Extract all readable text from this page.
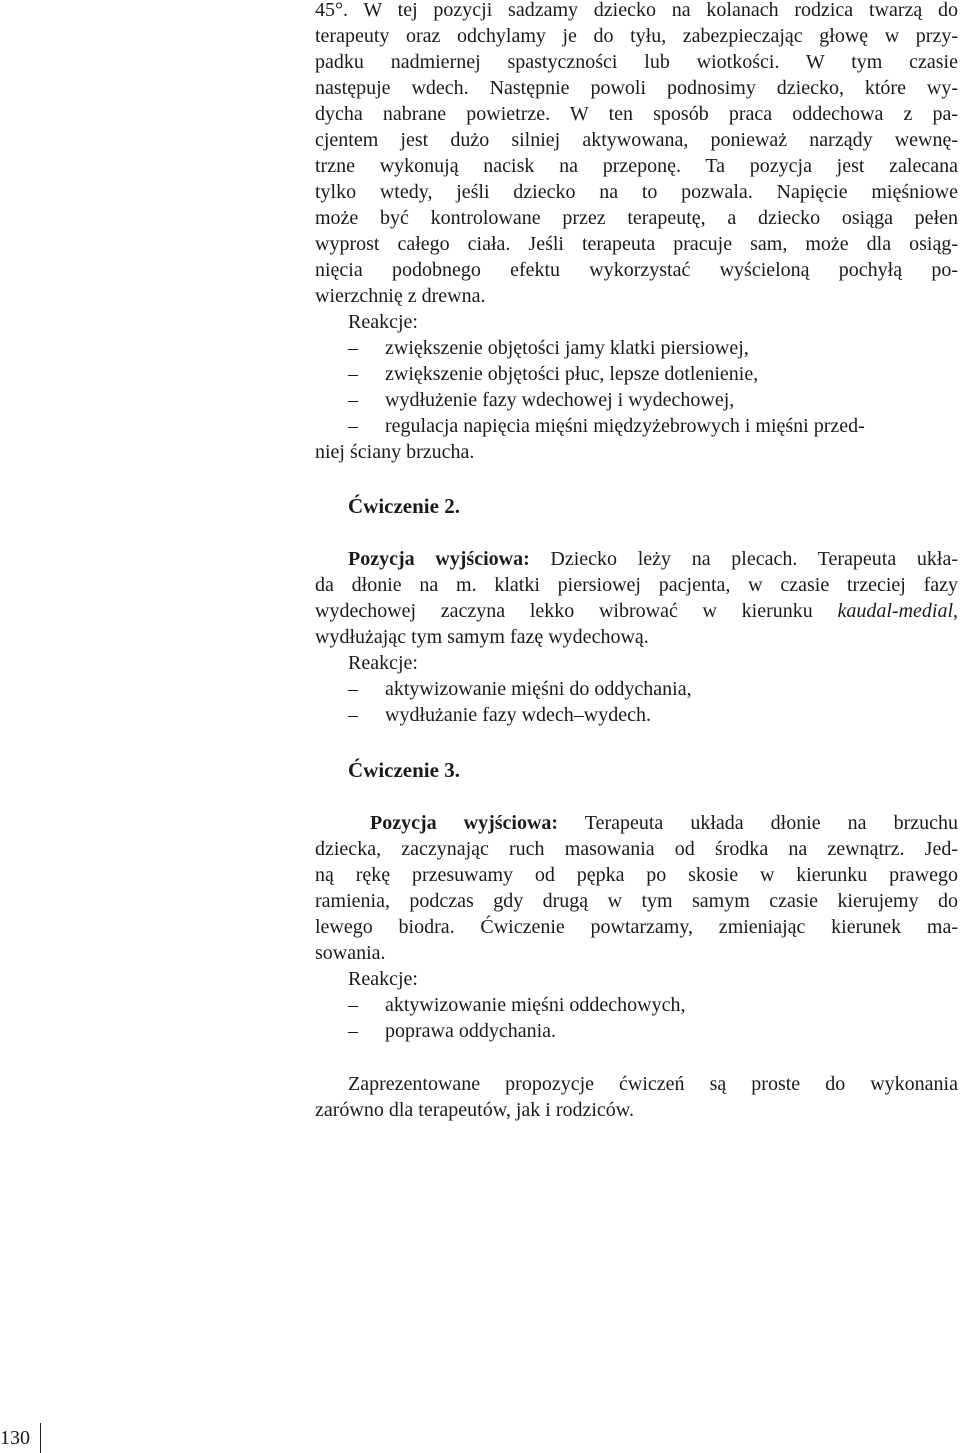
45°. W tej pozycji sadzamy dziecko na kolanach rodzica twarzą do
terapeuty oraz odchylamy je do tyłu, zabezpieczając głowę w przy-
padku nadmiernej spastyczności lub wiotkości. W tym czasie
następuje wdech. Następnie powoli podnosimy dziecko, które wy-
dycha nabrane powietrze. W ten sposób praca oddechowa z pa-
cjentem jest dużo silniej aktywowana, ponieważ narządy wewnę-
trzne wykonują nacisk na przeponę. Ta pozycja jest zalecana
tylko wtedy, jeśli dziecko na to pozwala. Napięcie mięśniowe
może być kontrolowane przez terapeutę, a dziecko osiąga pełen
wyprost całego ciała. Jeśli terapeuta pracuje sam, może dla osiąg-
nięcia podobnego efektu wykorzystać wyścieloną pochyłą po-
wierzchnię z drewna.
Reakcje:
–	zwiększenie objętości jamy klatki piersiowej,
–	zwiększenie objętości płuc, lepsze dotlenienie,
–	wydłużenie fazy wdechowej i wydechowej,
–	regulacja napięcia mięśni międzyżebrowych i mięśni przed-
niej ściany brzucha.
Ćwiczenie 2.
Pozycja wyjściowa: Dziecko leży na plecach. Terapeuta ukła-
da dłonie na m. klatki piersiowej pacjenta, w czasie trzeciej fazy
wydechowej zaczyna lekko wibrować w kierunku kaudal-medial,
wydłużając tym samym fazę wydechową.
Reakcje:
–	aktywizowanie mięśni do oddychania,
–	wydłużanie fazy wdech–wydech.
Ćwiczenie 3.
Pozycja wyjściowa: Terapeuta układa dłonie na brzuchu
dziecka, zaczynając ruch masowania od środka na zewnątrz. Jed-
ną rękę przesuwamy od pępka po skosie w kierunku prawego
ramienia, podczas gdy drugą w tym samym czasie kierujemy do
lewego biodra. Ćwiczenie powtarzamy, zmieniając kierunek ma-
sowania.
Reakcje:
–	aktywizowanie mięśni oddechowych,
–	poprawa oddychania.
Zaprezentowane propozycje ćwiczeń są proste do wykonania
zarówno dla terapeutów, jak i rodziców.
130
